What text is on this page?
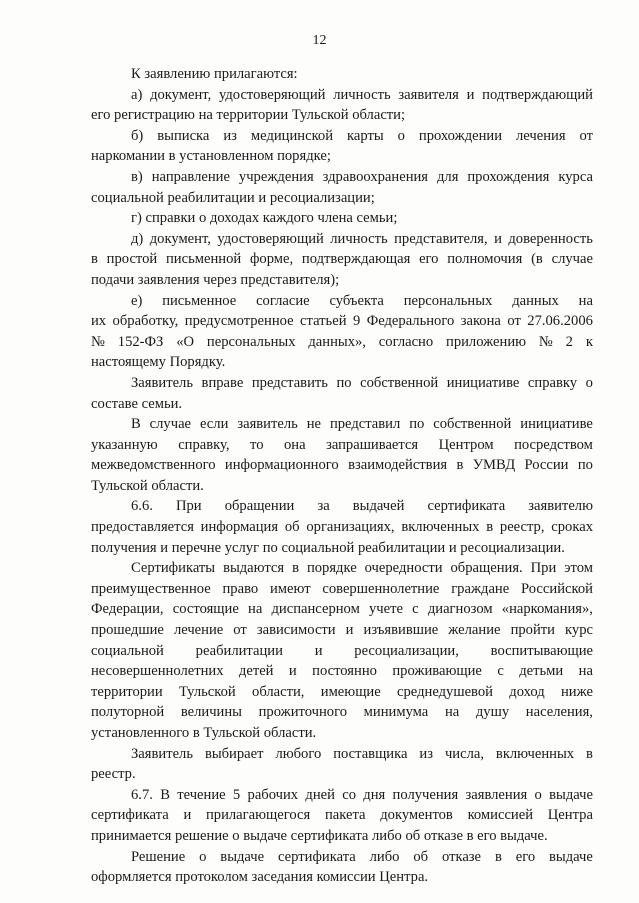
12
К заявлению прилагаются:
а) документ, удостоверяющий личность заявителя и подтверждающий
его регистрацию на территории Тульской области;
б) выписка из медицинской карты о прохождении лечения от
наркомании в установленном порядке;
в) направление учреждения здравоохранения для прохождения курса
социальной реабилитации и ресоциализации;
г) справки о доходах каждого члена семьи;
д) документ, удостоверяющий личность представителя, и доверенность
в простой письменной форме, подтверждающая его полномочия (в случае
подачи заявления через представителя);
е) письменное согласие субъекта персональных данных на
их обработку, предусмотренное статьей 9 Федерального закона от 27.06.2006
№ 152-ФЗ «О персональных данных», согласно приложению № 2 к
настоящему Порядку.
Заявитель вправе представить по собственной инициативе справку о
составе семьи.
В случае если заявитель не представил по собственной инициативе
указанную справку, то она запрашивается Центром посредством
межведомственного информационного взаимодействия в УМВД России по
Тульской области.
6.6. При обращении за выдачей сертификата заявителю
предоставляется информация об организациях, включенных в реестр, сроках
получения и перечне услуг по социальной реабилитации и ресоциализации.
Сертификаты выдаются в порядке очередности обращения. При этом
преимущественное право имеют совершеннолетние граждане Российской
Федерации, состоящие на диспансерном учете с диагнозом «наркомания»,
прошедшие лечение от зависимости и изъявившие желание пройти курс
социальной реабилитации и ресоциализации, воспитывающие
несовершеннолетних детей и постоянно проживающие с детьми на
территории Тульской области, имеющие среднедушевой доход ниже
полуторной величины прожиточного минимума на душу населения,
установленного в Тульской области.
Заявитель выбирает любого поставщика из числа, включенных в
реестр.
6.7. В течение 5 рабочих дней со дня получения заявления о выдаче
сертификата и прилагающегося пакета документов комиссией Центра
принимается решение о выдаче сертификата либо об отказе в его выдаче.
Решение о выдаче сертификата либо об отказе в его выдаче
оформляется протоколом заседания комиссии Центра.
